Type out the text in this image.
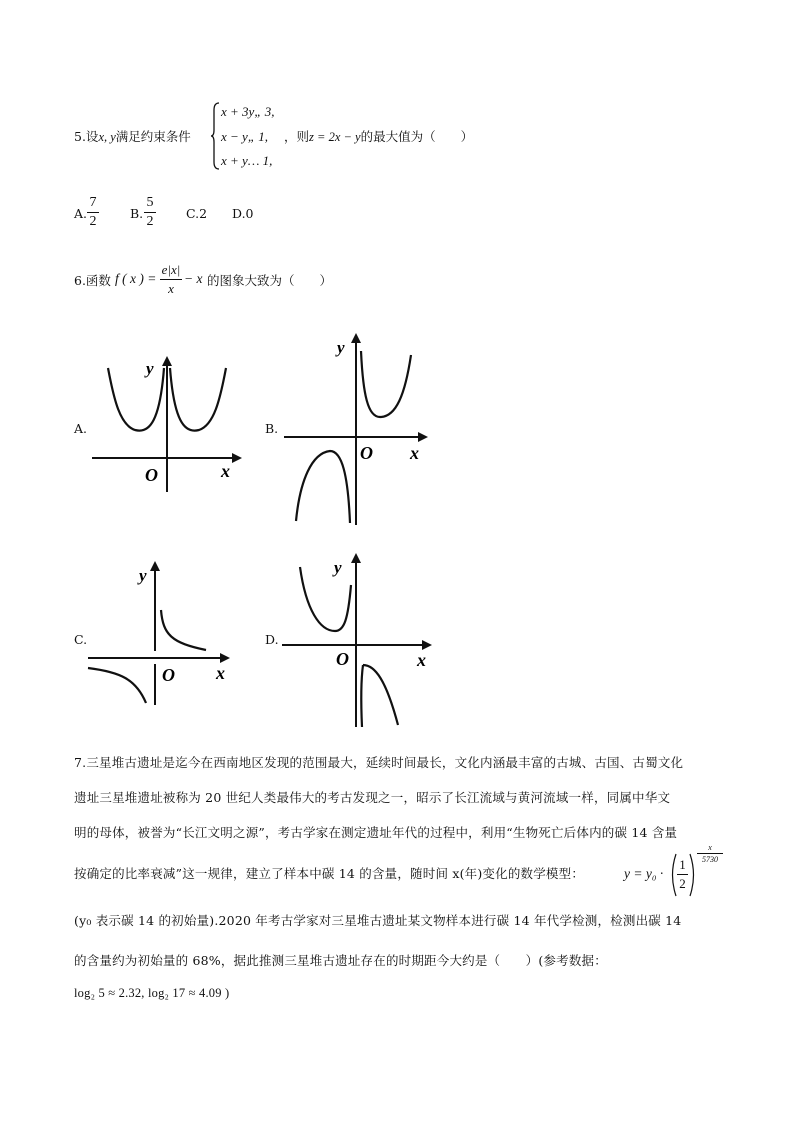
5.设x, y满足约束条件
x + 3y„ 3,
x − y„ 1,
x + y… 1,
，则z = 2x − y的最大值为（　　）
A.
7
2
B.
5
2
C.2 D.0
6.函数 f ( x ) =
e|x|
x
− x 的图象大致为（　　）
A.
y
O	x
B.
y
O x
C.
y
O x
D.
y
O	x
7.三星堆古遗址是迄今在西南地区发现的范围最大，延续时间最长，文化内涵最丰富的古城、古国、古蜀文化
遗址三星堆遗址被称为 20 世纪人类最伟大的考古发现之一，昭示了长江流域与黄河流域一样，同属中华文
明的母体，被誉为“长江文明之源”，考古学家在测定遗址年代的过程中，利用“生物死亡后体内的碳 14 含量
按确定的比率衰减”这一规律，建立了样本中碳 14 的含量，随时间 x(年)变化的数学模型：	y = y₀ ·
1
2
x
5730
(y₀ 表示碳 14 的初始量).2020 年考古学家对三星堆古遗址某文物样本进行碳 14 年代学检测，检测出碳 14
的含量约为初始量的 68%，据此推测三星堆古遗址存在的时期距今大约是（　　）(参考数据：
log₂ 5 ≈ 2.32, log₂ 17 ≈ 4.09 )
